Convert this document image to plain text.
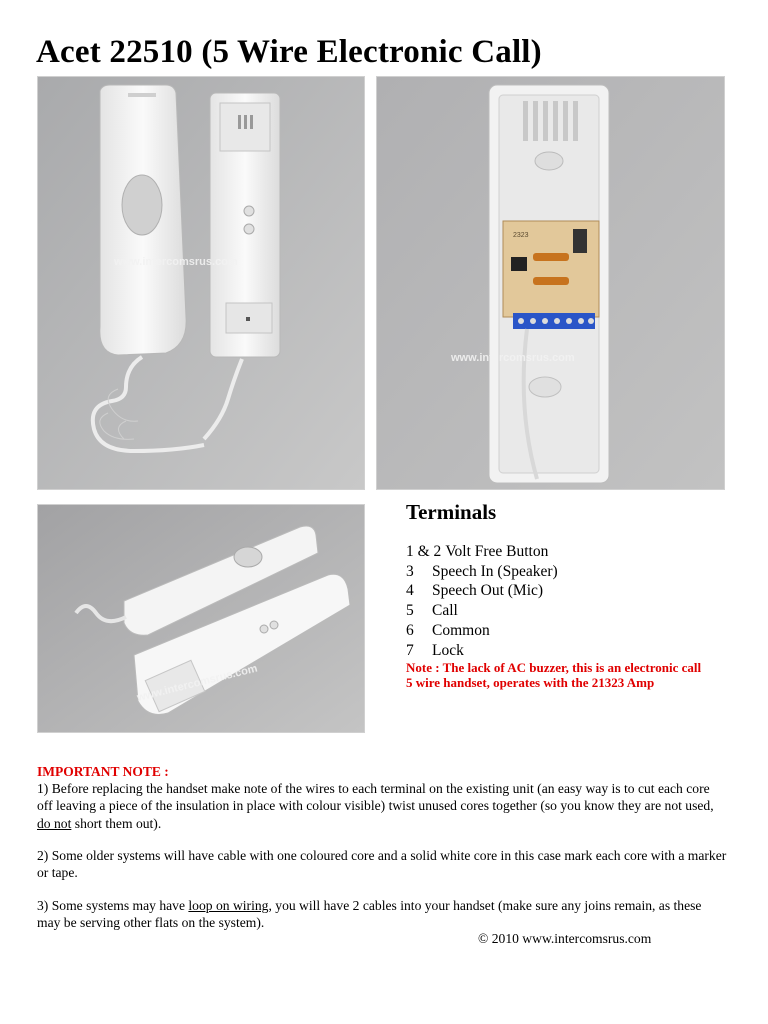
Acet 22510 (5 Wire Electronic Call)
www.intercomsrus.com
2323
www.intercomsrus.com
www.intercomsrus.com
Terminals
1 & 2 Volt Free Button
3 Speech In (Speaker)
4 Speech Out (Mic)
5 Call
6 Common
7 Lock

Note : The lack of AC buzzer, this is an electronic call 5 wire handset, operates with the 21323 Amp

IMPORTANT NOTE :

1) Before replacing the handset make note of the wires to each terminal on the existing unit (an easy way is to cut each core off leaving a piece of the insulation in place with colour visible) twist unused cores together (so you know they are not used, do not short them out).

2) Some older systems will have cable with one coloured core and a solid white core in this case mark each core with a marker or tape.

3) Some systems may have loop on wiring, you will have 2 cables into your handset (make sure any joins remain, as these may be serving other flats on the system).

© 2010 www.intercomsrus.com
